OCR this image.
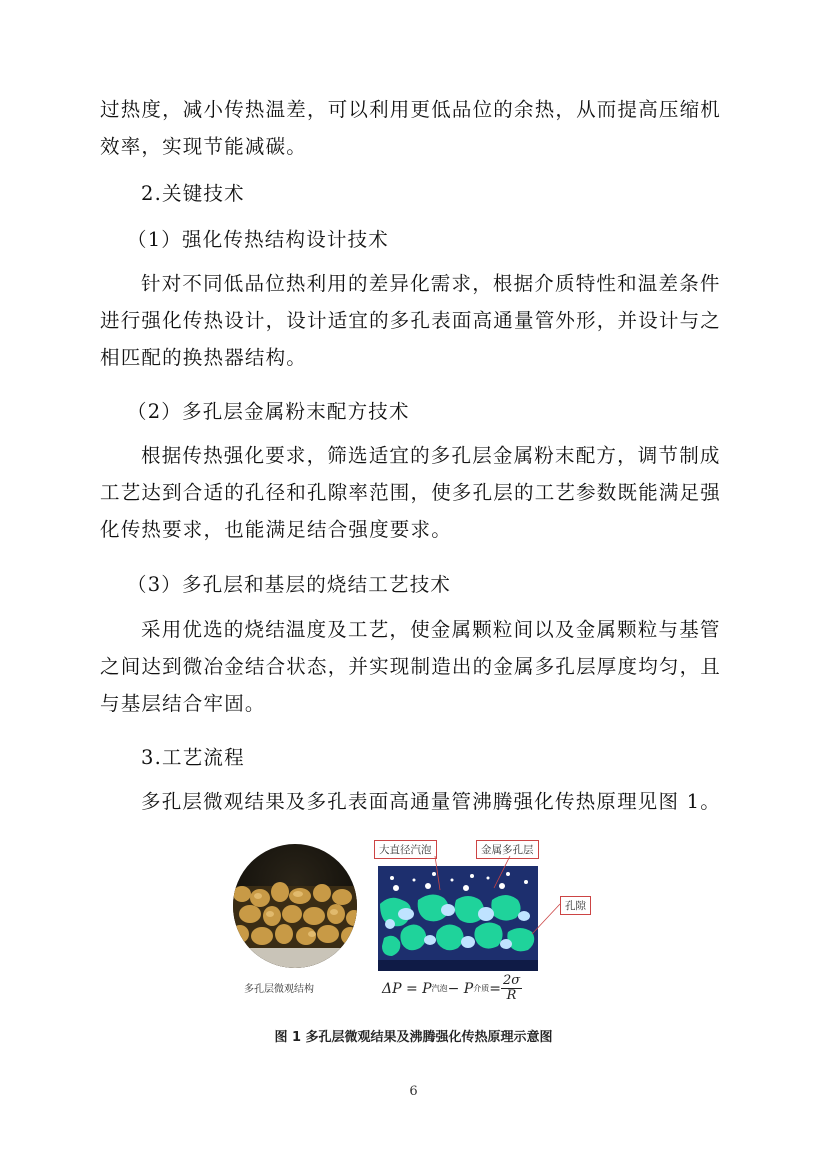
过热度，减小传热温差，可以利用更低品位的余热，从而提高压缩机效率，实现节能减碳。

2.关键技术

（1）强化传热结构设计技术

针对不同低品位热利用的差异化需求，根据介质特性和温差条件进行强化传热设计，设计适宜的多孔表面高通量管外形，并设计与之相匹配的换热器结构。

（2）多孔层金属粉末配方技术

根据传热强化要求，筛选适宜的多孔层金属粉末配方，调节制成工艺达到合适的孔径和孔隙率范围，使多孔层的工艺参数既能满足强化传热要求，也能满足结合强度要求。

（3）多孔层和基层的烧结工艺技术

采用优选的烧结温度及工艺，使金属颗粒间以及金属颗粒与基管之间达到微冶金结合状态，并实现制造出的金属多孔层厚度均匀，且与基层结合牢固。

3.工艺流程

多孔层微观结果及多孔表面高通量管沸腾强化传热原理见图 1。

多孔层微观结构
大直径汽泡	金属多孔层
孔隙
ΔP = P 汽泡 − P 介质 = $\frac{2\sigma}{R}$
图 1 多孔层微观结果及沸腾强化传热原理示意图
6
